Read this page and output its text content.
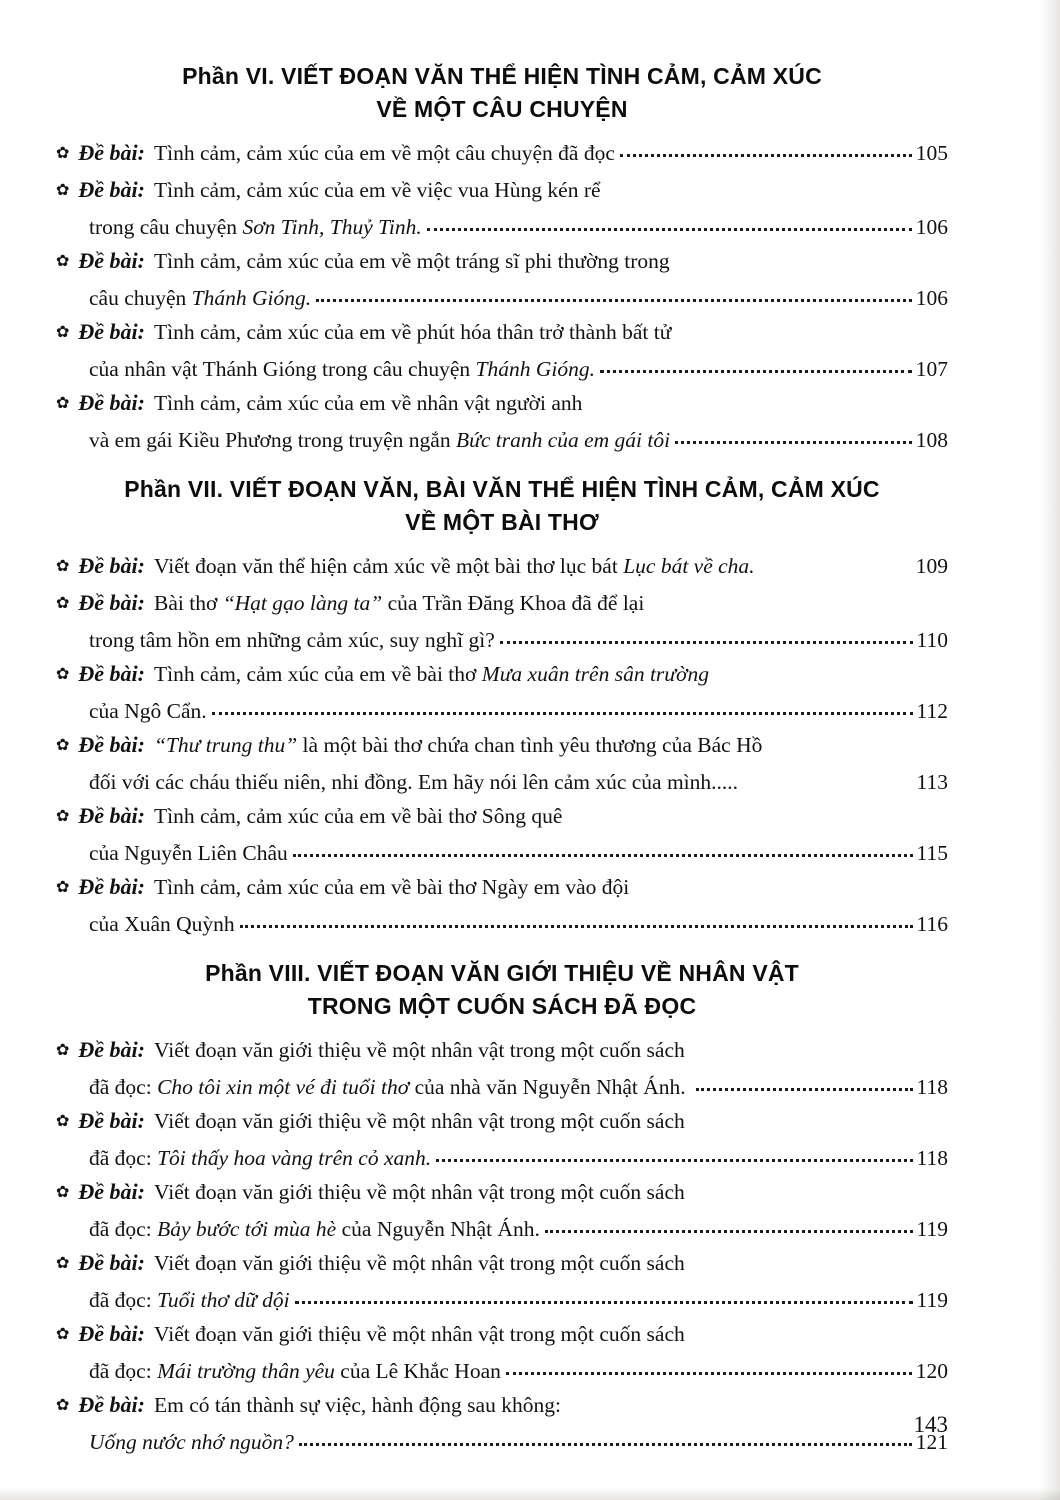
Phần VI. VIẾT ĐOẠN VĂN THỂ HIỆN TÌNH CẢM, CẢM XÚC
VỀ MỘT CÂU CHUYỆN
✿ Đề bài: Tình cảm, cảm xúc của em về một câu chuyện đã đọc	105
✿ Đề bài: Tình cảm, cảm xúc của em về việc vua Hùng kén rể
trong câu chuyện Sơn Tinh, Thuỷ Tinh.	106
✿ Đề bài: Tình cảm, cảm xúc của em về một tráng sĩ phi thường trong
câu chuyện Thánh Gióng.	106
✿ Đề bài: Tình cảm, cảm xúc của em về phút hóa thân trở thành bất tử
của nhân vật Thánh Gióng trong câu chuyện Thánh Gióng.	107
✿ Đề bài: Tình cảm, cảm xúc của em về nhân vật người anh
và em gái Kiều Phương trong truyện ngắn Bức tranh của em gái tôi	108
Phần VII. VIẾT ĐOẠN VĂN, BÀI VĂN THỂ HIỆN TÌNH CẢM, CẢM XÚC
VỀ MỘT BÀI THƠ
✿ Đề bài: Viết đoạn văn thể hiện cảm xúc về một bài thơ lục bát Lục bát về cha.	109
✿ Đề bài: Bài thơ “Hạt gạo làng ta” của Trần Đăng Khoa đã để lại
trong tâm hồn em những cảm xúc, suy nghĩ gì?	110
✿ Đề bài: Tình cảm, cảm xúc của em về bài thơ Mưa xuân trên sân trường
của Ngô Cẩn.	112
✿ Đề bài: “Thư trung thu” là một bài thơ chứa chan tình yêu thương của Bác Hồ
đối với các cháu thiếu niên, nhi đồng. Em hãy nói lên cảm xúc của mình.....	113
✿ Đề bài: Tình cảm, cảm xúc của em về bài thơ Sông quê
của Nguyễn Liên Châu	115
✿ Đề bài: Tình cảm, cảm xúc của em về bài thơ Ngày em vào đội
của Xuân Quỳnh	116
Phần VIII. VIẾT ĐOẠN VĂN GIỚI THIỆU VỀ NHÂN VẬT
TRONG MỘT CUỐN SÁCH ĐÃ ĐỌC
✿ Đề bài: Viết đoạn văn giới thiệu về một nhân vật trong một cuốn sách
đã đọc: Cho tôi xin một vé đi tuổi thơ của nhà văn Nguyễn Nhật Ánh.	118
✿ Đề bài: Viết đoạn văn giới thiệu về một nhân vật trong một cuốn sách
đã đọc: Tôi thấy hoa vàng trên cỏ xanh.	118
✿ Đề bài: Viết đoạn văn giới thiệu về một nhân vật trong một cuốn sách
đã đọc: Bảy bước tới mùa hè của Nguyễn Nhật Ánh.	119
✿ Đề bài: Viết đoạn văn giới thiệu về một nhân vật trong một cuốn sách
đã đọc: Tuổi thơ dữ dội	119
✿ Đề bài: Viết đoạn văn giới thiệu về một nhân vật trong một cuốn sách
đã đọc: Mái trường thân yêu của Lê Khắc Hoan	120
✿ Đề bài: Em có tán thành sự việc, hành động sau không:
Uống nước nhớ nguồn?	121
143
